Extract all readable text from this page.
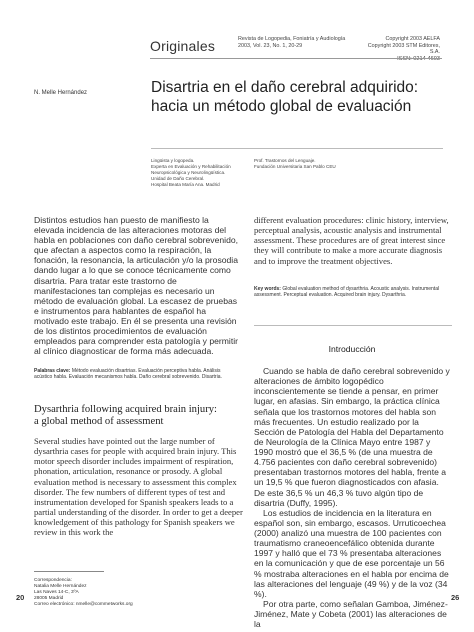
Originales	Revista de Logopedia, Foniatría y Audiología
2003, Vol. 23, No. 1, 20-29
Copyright 2003 AELFA
Copyright 2003 STM Editores, S.A.
N. Melle Hernández	Disartria en el daño cerebral adquirido:
hacia un método global de evaluación
Lingüista y logopeda.
Experta en Evaluación y Rehabilitación
Neuropsicológica y Neurolingüística.
Unidad de Daño Cerebral.
Hospital Beata María Ana. Madrid
Prof. Trastornos del Lenguaje.
Fundación Universitaria San Pablo CEU
Distintos estudios han puesto de manifiesto la elevada incidencia de las alteraciones motoras del habla en poblaciones con daño cerebral sobrevenido, que afectan a aspectos como la respiración, la fonación, la resonancia, la articulación y/o la prosodia dando lugar a lo que se conoce técnicamente como disartria. Para tratar este trastorno de manifestaciones tan complejas es necesario un método de evaluación global. La escasez de pruebas e instrumentos para hablantes de español ha motivado este trabajo. En él se presenta una revisión de los distintos procedimientos de evaluación empleados para comprender esta patología y permitir al clínico diagnosticar de forma más adecuada.
Palabras clave: Método evaluación disartrias. Evaluación perceptiva habla. Análisis acústico habla. Evaluación mecanismos habla. Daño cerebral sobrevenido. Disartria.
Dysarthria following acquired brain injury:
a global method of assessment
Several studies have pointed out the large number of dysarthria cases for people with acquired brain injury. This motor speech disorder includes impairment of respiration, phonation, articulation, resonance or prosody. A global evaluation method is necessary to assessment this complex disorder. The few numbers of different types of test and instrumentation developed for Spanish speakers leads to a partial understanding of the disorder. In order to get a deeper knowledgement of this pathology for Spanish speakers we review in this work the
different evaluation procedures: clinic history, interview, perceptual analysis, acoustic analysis and instrumental assessment. These procedures are of great interest since they will contribute to make a more accurate diagnosis and to improve the treatment objectives.
Key words: Global evaluation method of dysarthria. Acoustic analysis. Instrumental assessment. Perceptual evaluation. Acquired brain injury. Dysarthria.
Introducción

Cuando se habla de daño cerebral sobrevenido y alteraciones de ámbito logopédico inconscientemente se tiende a pensar, en primer lugar, en afasias. Sin embargo, la práctica clínica señala que los trastornos motores del habla son más frecuentes. Un estudio realizado por la Sección de Patología del Habla del Departamento de Neurología de la Clínica Mayo entre 1987 y 1990 mostró que el 36,5 % (de una muestra de 4.756 pacientes con daño cerebral sobrevenido) presentaban trastornos motores del habla, frente a un 19,5 % que fueron diagnosticados con afasia. De este 36,5 % un 46,3 % tuvo algún tipo de disartria (Duffy, 1995).

Los estudios de incidencia en la literatura en español son, sin embargo, escasos. Urruticoechea (2000) analizó una muestra de 100 pacientes con traumatismo craneoencefálico obtenida durante 1997 y halló que el 73 % presentaba alteraciones en la comunicación y que de ese porcentaje un 56 % mostraba alteraciones en el habla por encima de las alteraciones del lenguaje (49 %) y de la voz (34 %).

Por otra parte, como señalan Gamboa, Jiménez-Jiménez, Mate y Cobeta (2001) las alteraciones de la

Correspondencia:
Natalia Melle Hernández
Las Naves 14-C, 3ºA
28005 Madrid
Correo electrónico: nmelle@commetworks.org
20	26
